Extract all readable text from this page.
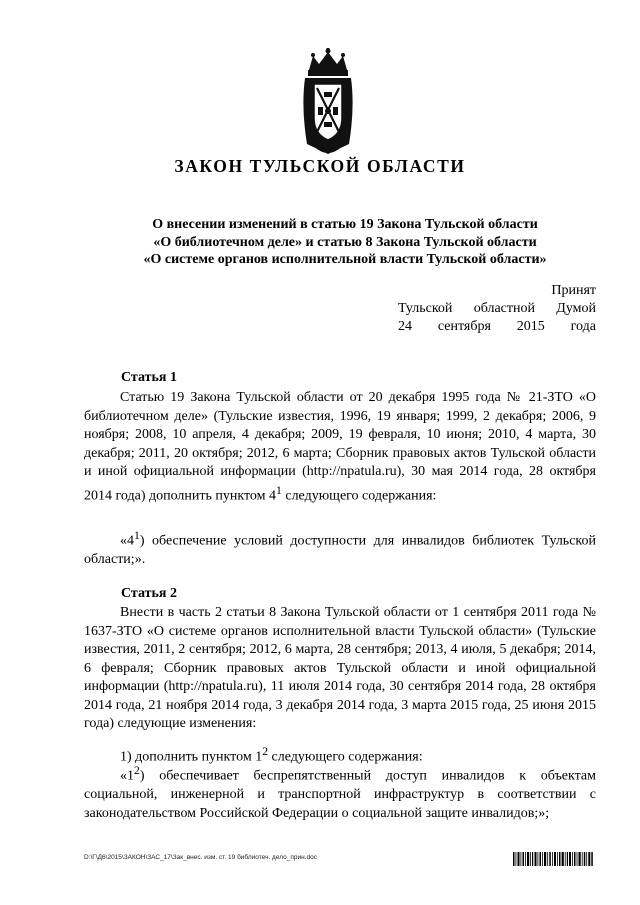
ЗАКОН ТУЛЬСКОЙ ОБЛАСТИ
О внесении изменений в статью 19 Закона Тульской области
«О библиотечном деле» и статью 8 Закона Тульской области
«О системе органов исполнительной власти Тульской области»
Принят
Тульской областной Думой
24 сентября 2015 года
Статья 1

Статью 19 Закона Тульской области от 20 декабря 1995 года № 21-ЗТО «О библиотечном деле» (Тульские известия, 1996, 19 января; 1999, 2 декабря; 2006, 9 ноября; 2008, 10 апреля, 4 декабря; 2009, 19 февраля, 10 июня; 2010, 4 марта, 30 декабря; 2011, 20 октября; 2012, 6 марта; Сборник правовых актов Тульской области и иной официальной информации (http://npatula.ru), 30 мая 2014 года, 28 октября 2014 года) дополнить пунктом $4^1$ следующего содержания:

«$4^1$) обеспечение условий доступности для инвалидов библиотек Тульской области;».

Статья 2

Внести в часть 2 статьи 8 Закона Тульской области от 1 сентября 2011 года № 1637-ЗТО «О системе органов исполнительной власти Тульской области» (Тульские известия, 2011, 2 сентября; 2012, 6 марта, 28 сентября; 2013, 4 июля, 5 декабря; 2014, 6 февраля; Сборник правовых актов Тульской области и иной официальной информации (http://npatula.ru), 11 июля 2014 года, 30 сентября 2014 года, 28 октября 2014 года, 21 ноября 2014 года, 3 декабря 2014 года, 3 марта 2015 года, 25 июня 2015 года) следующие изменения:

1) дополнить пунктом $1^2$ следующего содержания:

«$1^2$) обеспечивает беспрепятственный доступ инвалидов к объектам социальной, инженерной и транспортной инфраструктур в соответствии с законодательством Российской Федерации о социальной защите инвалидов;»;

D:\Г\Д6\2015\ЗАКОН\ЗАС_17\Зак_внес. изм. ст. 19 библиотеч. дело_прин.doc
